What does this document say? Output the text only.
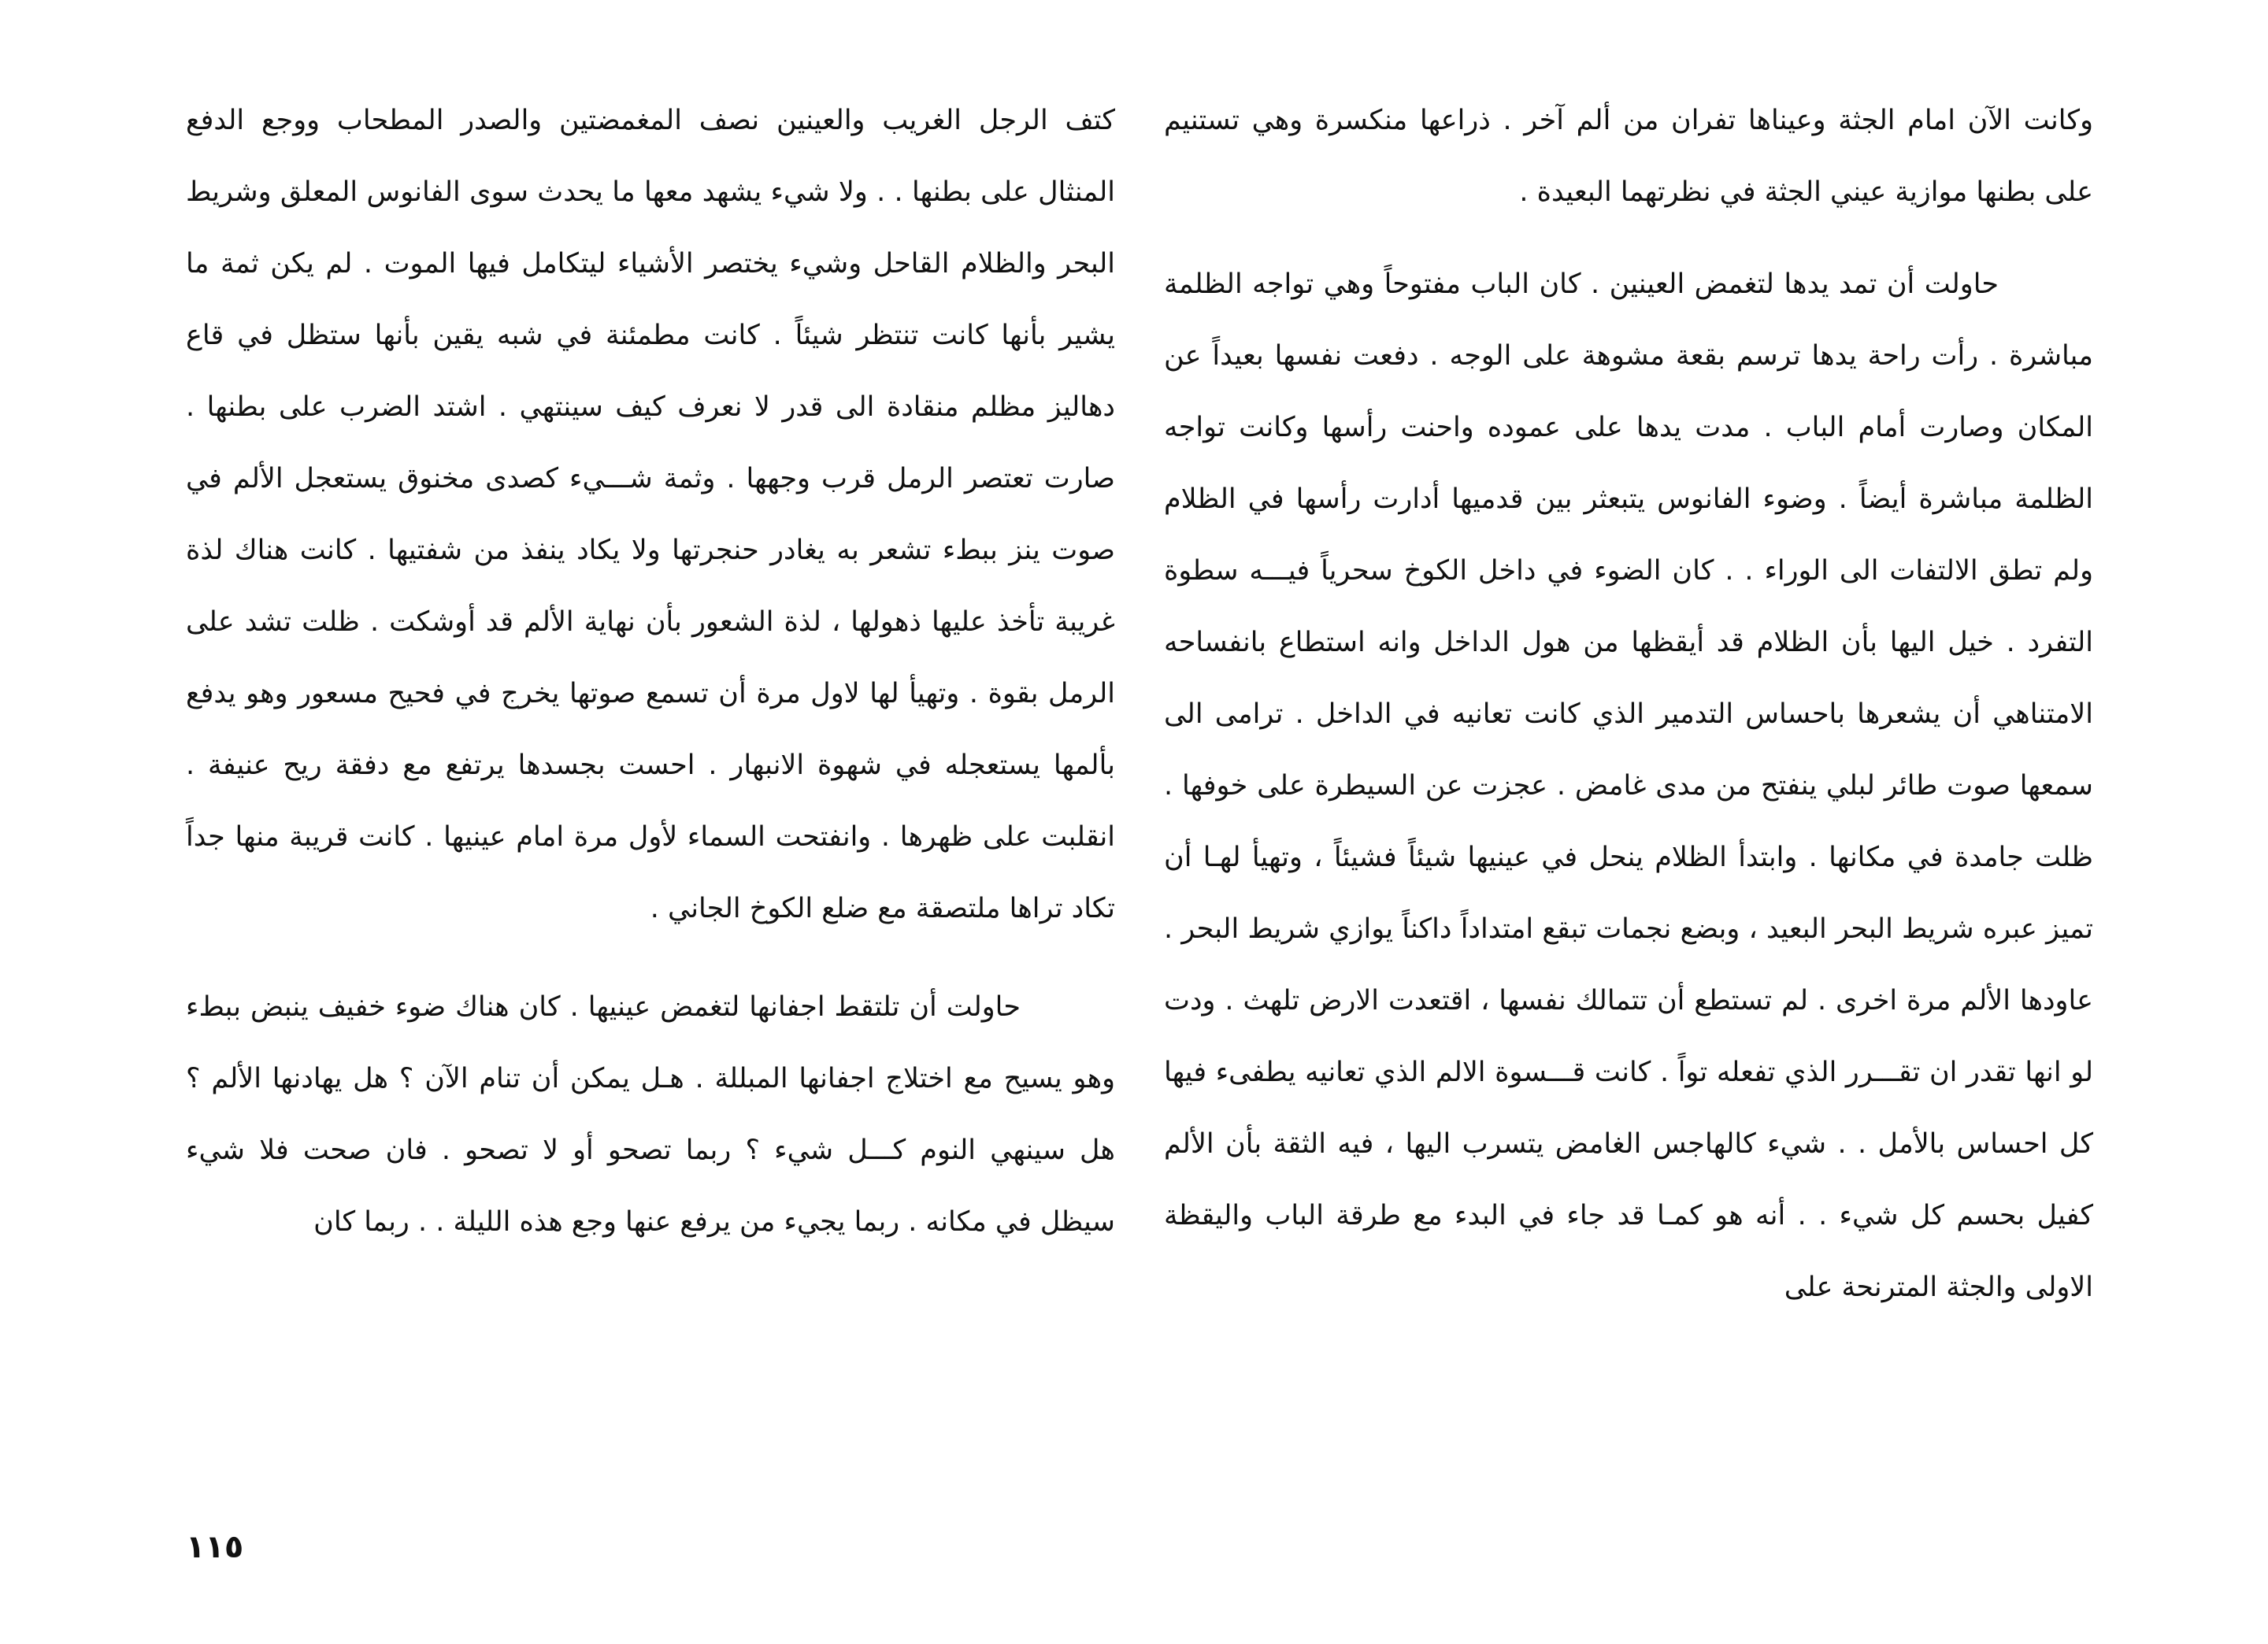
وكانت الآن امام الجثة وعيناها تفران من ألم آخر . ذراعها منكسرة وهي تستنيم على بطنها موازية عيني الجثة في نظرتهما البعيدة .

حاولت أن تمد يدها لتغمض العينين . كان الباب مفتوحاً وهي تواجه الظلمة مباشرة . رأت راحة يدها ترسم بقعة مشوهة على الوجه . دفعت نفسها بعيداً عن المكان وصارت أمام الباب . مدت يدها على عموده واحنت رأسها وكانت تواجه الظلمة مباشرة أيضاً . وضوء الفانوس يتبعثر بين قدميها أدارت رأسها في الظلام ولم تطق الالتفات الى الوراء . . كان الضوء في داخل الكوخ سحرياً فيـــه سطوة التفرد . خيل اليها بأن الظلام قد أيقظها من هول الداخل وانه استطاع بانفساحه الامتناهي أن يشعرها باحساس التدمير الذي كانت تعانيه في الداخل . ترامى الى سمعها صوت طائر لبلي ينفتح من مدى غامض . عجزت عن السيطرة على خوفها . ظلت جامدة في مكانها . وابتدأ الظلام ينحل في عينيها شيئاً فشيئاً ، وتهيأ لهـا أن تميز عبره شريط البحر البعيد ، وبضع نجمات تبقع امتداداً داكناً يوازي شريط البحر . عاودها الألم مرة اخرى . لم تستطع أن تتمالك نفسها ، اقتعدت الارض تلهث . ودت لو انها تقدر ان تقـــرر الذي تفعله تواً . كانت قـــسوة الالم الذي تعانيه يطفىء فيها كل احساس بالأمل . . شيء كالهاجس الغامض يتسرب اليها ، فيه الثقة بأن الألم كفيل بحسم كل شيء . . أنه هو كمـا قد جاء في البدء مع طرقة الباب واليقظة الاولى والجثة المترنحة على

كتف الرجل الغريب والعينين نصف المغمضتين والصدر المطحاب ووجع الدفع المنثال على بطنها . . ولا شيء يشهد معها ما يحدث سوى الفانوس المعلق وشريط البحر والظلام القاحل وشيء يختصر الأشياء ليتكامل فيها الموت . لم يكن ثمة ما يشير بأنها كانت تنتظر شيئاً . كانت مطمئنة في شبه يقين بأنها ستظل في قاع دهاليز مظلم منقادة الى قدر لا نعرف كيف سينتهي . اشتد الضرب على بطنها . صارت تعتصر الرمل قرب وجهها . وثمة شـــيء كصدى مخنوق يستعجل الألم في صوت ينز ببطء تشعر به يغادر حنجرتها ولا يكاد ينفذ من شفتيها . كانت هناك لذة غريبة تأخذ عليها ذهولها ، لذة الشعور بأن نهاية الألم قد أوشكت . ظلت تشد على الرمل بقوة . وتهيأ لها لاول مرة أن تسمع صوتها يخرج في فحيح مسعور وهو يدفع بألمها يستعجله في شهوة الانبهار . احست بجسدها يرتفع مع دفقة ريح عنيفة . انقلبت على ظهرها . وانفتحت السماء لأول مرة امام عينيها . كانت قريبة منها جداً تكاد تراها ملتصقة مع ضلع الكوخ الجاني .

حاولت أن تلتقط اجفانها لتغمض عينيها . كان هناك ضوء خفيف ينبض ببطء وهو يسيح مع اختلاج اجفانها المبللة . هـل يمكن أن تنام الآن ؟ هل يهادنها الألم ؟ هل سينهي النوم كـــل شيء ؟ ربما تصحو أو لا تصحو . فان صحت فلا شيء سيظل في مكانه . ربما يجيء من يرفع عنها وجع هذه الليلة . . ربما كان

١١٥
